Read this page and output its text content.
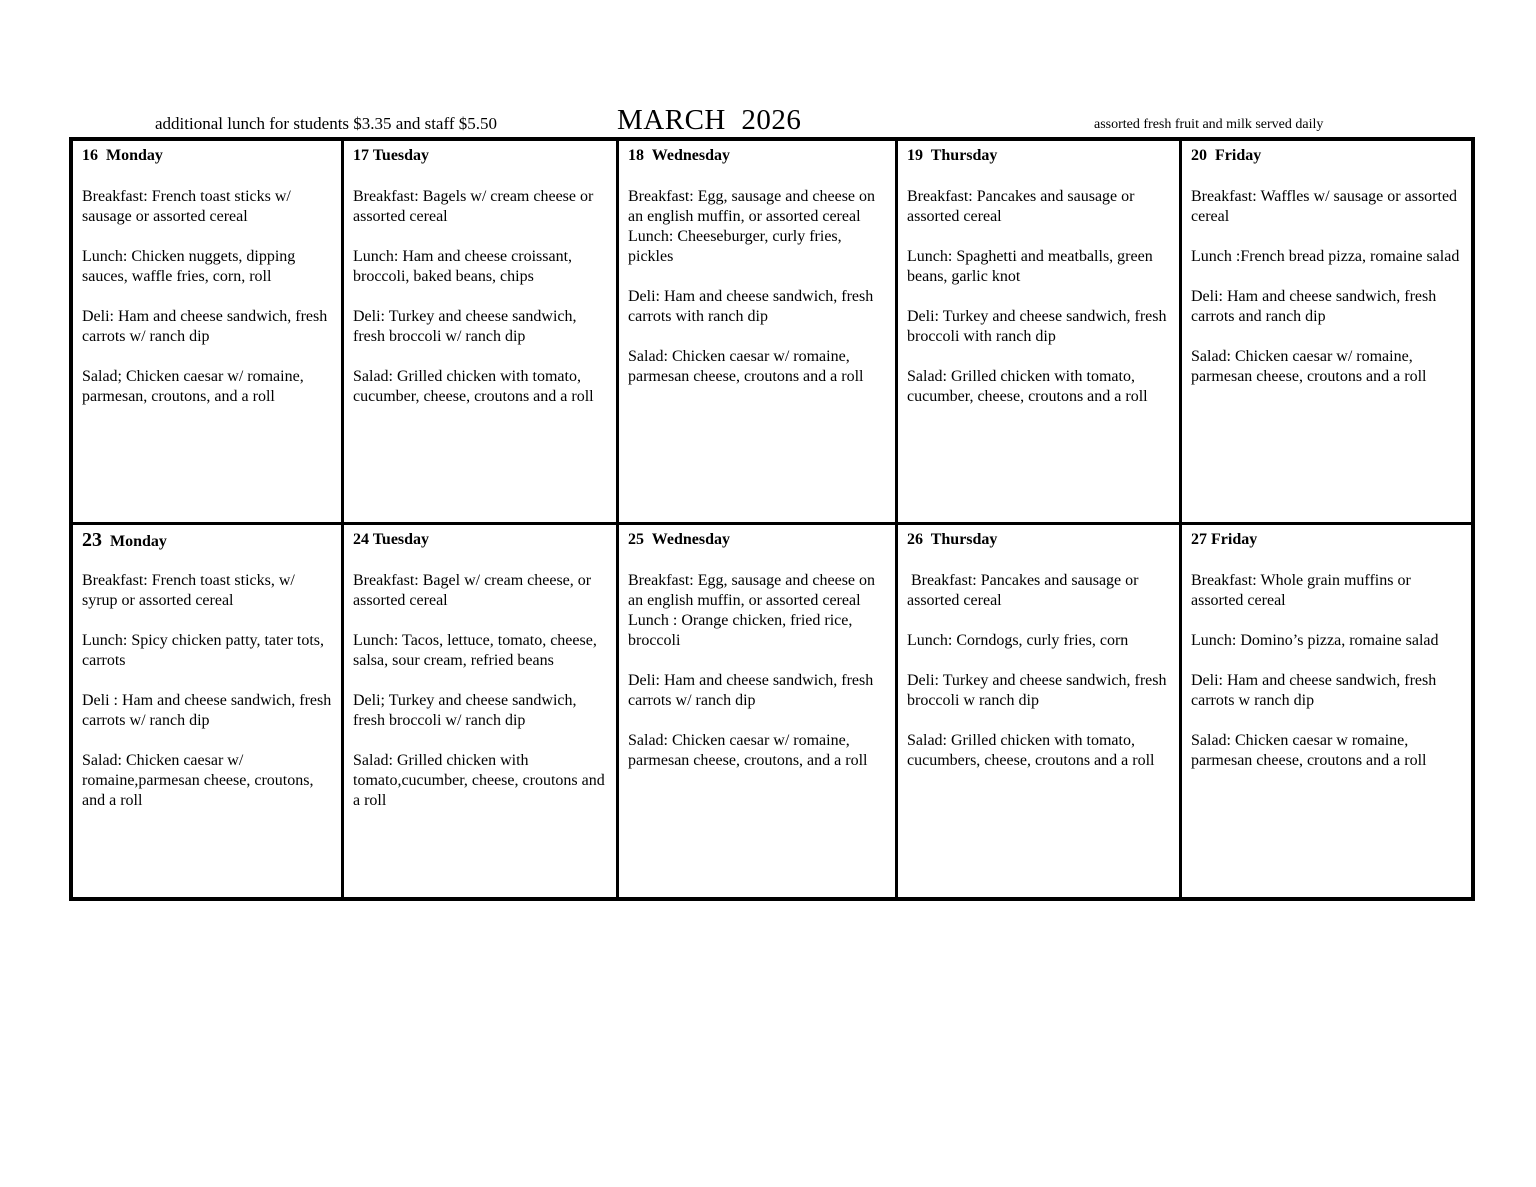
additional lunch for students $3.35 and staff $5.50	MARCH  2026	assorted fresh fruit and milk served daily
16 Monday
Breakfast: French toast sticks w/ sausage or assorted cereal
Lunch: Chicken nuggets, dipping sauces, waffle fries, corn, roll
Deli: Ham and cheese sandwich, fresh carrots w/ ranch dip
Salad; Chicken caesar w/ romaine, parmesan, croutons, and a roll
17 Tuesday
Breakfast: Bagels w/ cream cheese or assorted cereal
Lunch: Ham and cheese croissant, broccoli, baked beans, chips
Deli: Turkey and cheese sandwich, fresh broccoli w/ ranch dip
Salad: Grilled chicken with tomato, cucumber, cheese, croutons and a roll
18 Wednesday
Breakfast: Egg, sausage and cheese on an english muffin, or assorted cereal
Lunch: Cheeseburger, curly fries, pickles
Deli: Ham and cheese sandwich, fresh carrots with ranch dip
Salad: Chicken caesar w/ romaine, parmesan cheese, croutons and a roll
19 Thursday
Breakfast: Pancakes and sausage or assorted cereal
Lunch: Spaghetti and meatballs, green beans, garlic knot
Deli: Turkey and cheese sandwich, fresh broccoli with ranch dip
Salad: Grilled chicken with tomato, cucumber, cheese, croutons and a roll
20 Friday
Breakfast: Waffles w/ sausage or assorted cereal
Lunch :French bread pizza, romaine salad
Deli: Ham and cheese sandwich, fresh carrots and ranch dip
Salad: Chicken caesar w/ romaine, parmesan cheese, croutons and a roll
23 Monday
Breakfast: French toast sticks, w/ syrup or assorted cereal
Lunch: Spicy chicken patty, tater tots, carrots
Deli : Ham and cheese sandwich, fresh carrots w/ ranch dip
Salad: Chicken caesar w/ romaine,parmesan cheese, croutons, and a roll
24 Tuesday
Breakfast: Bagel w/ cream cheese, or assorted cereal
Lunch: Tacos, lettuce, tomato, cheese, salsa, sour cream, refried beans
Deli; Turkey and cheese sandwich, fresh broccoli w/ ranch dip
Salad: Grilled chicken with tomato,cucumber, cheese, croutons and a roll
25 Wednesday
Breakfast: Egg, sausage and cheese on an english muffin, or assorted cereal
Lunch : Orange chicken, fried rice, broccoli
Deli: Ham and cheese sandwich, fresh carrots w/ ranch dip
Salad: Chicken caesar w/ romaine, parmesan cheese, croutons, and a roll
26 Thursday
Breakfast: Pancakes and sausage or assorted cereal
Lunch: Corndogs, curly fries, corn
Deli: Turkey and cheese sandwich, fresh broccoli w ranch dip
Salad: Grilled chicken with tomato, cucumbers, cheese, croutons and a roll
27 Friday
Breakfast: Whole grain muffins or assorted cereal
Lunch: Domino’s pizza, romaine salad
Deli: Ham and cheese sandwich, fresh carrots w ranch dip
Salad: Chicken caesar w romaine, parmesan cheese, croutons and a roll
